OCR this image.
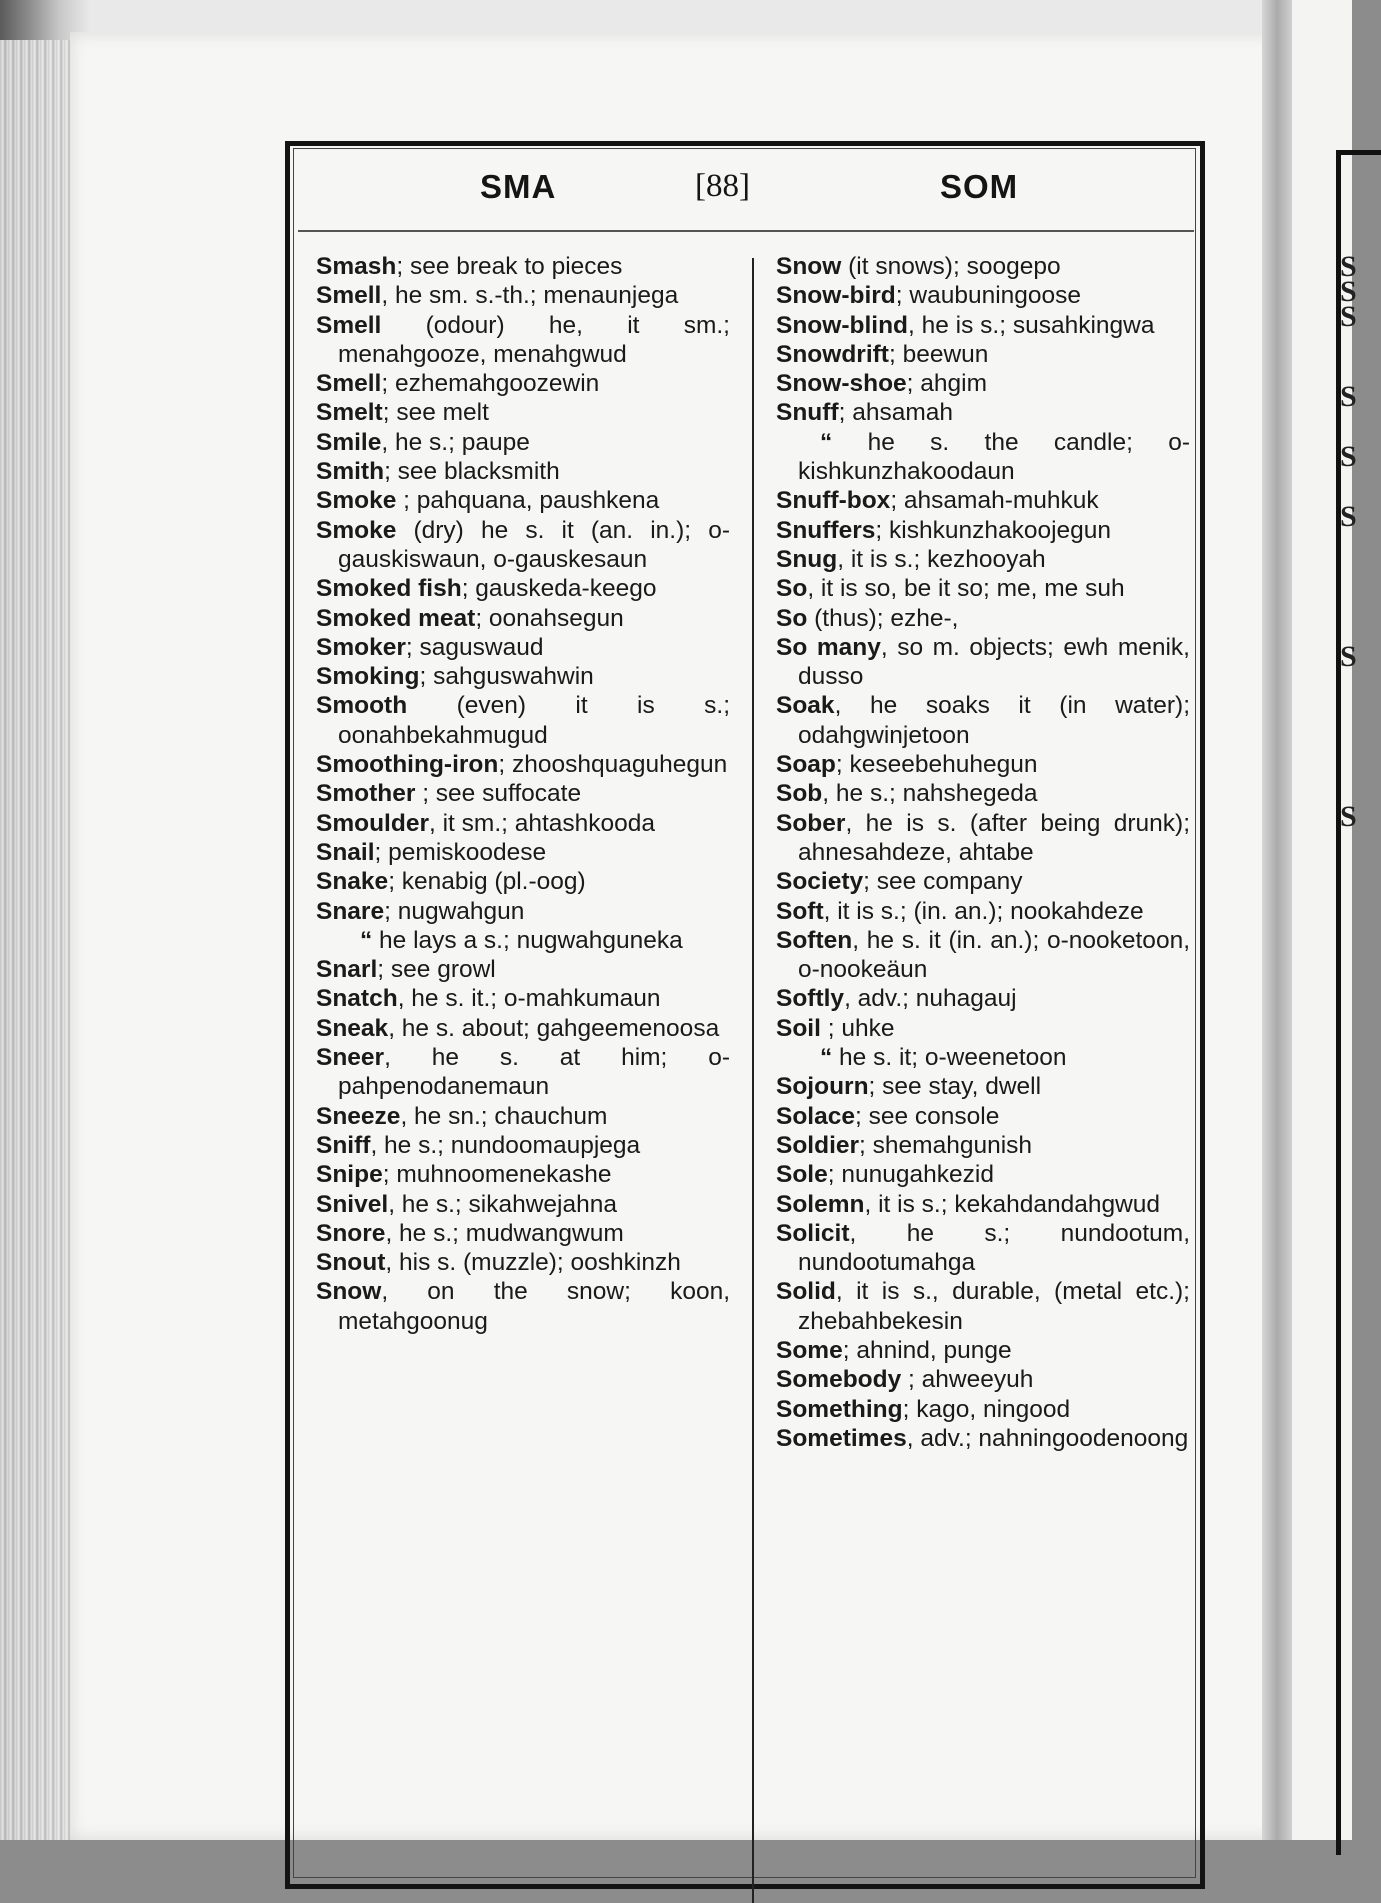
S
S
S
S
S
S
S
S
SMA	[88]	SOM

Smash; see break to pieces

Smell, he sm. s.-th.; menaunjega

Smell (odour) he, it sm.; menahgooze, menahgwud

Smell; ezhemahgoozewin

Smelt; see melt

Smile, he s.; paupe

Smith; see blacksmith

Smoke ; pahquana, paushkena

Smoke (dry) he s. it (an. in.); o-gauskiswaun, o-gauskesaun

Smoked fish; gauskeda-keego

Smoked meat; oonahsegun

Smoker; saguswaud

Smoking; sahguswahwin

Smooth (even) it is s.; oonahbekahmugud

Smoothing-iron; zhooshquaguhegun

Smother ; see suffocate

Smoulder, it sm.; ahtashkooda

Snail; pemiskoodese

Snake; kenabig (pl.-oog)

Snare; nugwahgun

“ he lays a s.; nugwahguneka

Snarl; see growl

Snatch, he s. it.; o-mahkumaun

Sneak, he s. about; gahgeemenoosa

Sneer, he s. at him; o-pahpenodanemaun

Sneeze, he sn.; chauchum

Sniff, he s.; nundoomaupjega

Snipe; muhnoomenekashe

Snivel, he s.; sikahwejahna

Snore, he s.; mudwangwum

Snout, his s. (muzzle); ooshkinzh

Snow, on the snow; koon, metahgoonug

Snow (it snows); soogepo

Snow-bird; waubuningoose

Snow-blind, he is s.; susahkingwa

Snowdrift; beewun

Snow-shoe; ahgim

Snuff; ahsamah

“ he s. the candle; o-kishkunzhakoodaun

Snuff-box; ahsamah-muhkuk

Snuffers; kishkunzhakoojegun

Snug, it is s.; kezhooyah

So, it is so, be it so; me, me suh

So (thus); ezhe-,

So many, so m. objects; ewh menik, dusso

Soak, he soaks it (in water); odahgwinjetoon

Soap; keseebehuhegun

Sob, he s.; nahshegeda

Sober, he is s. (after being drunk); ahnesahdeze, ahtabe

Society; see company

Soft, it is s.; (in. an.); nookahdeze

Soften, he s. it (in. an.); o-nooketoon, o-nookeäun

Softly, adv.; nuhagauj

Soil ; uhke

“ he s. it; o-weenetoon

Sojourn; see stay, dwell

Solace; see console

Soldier; shemahgunish

Sole; nunugahkezid

Solemn, it is s.; kekahdandahgwud

Solicit, he s.; nundootum, nundootumahga

Solid, it is s., durable, (metal etc.); zhebahbekesin

Some; ahnind, punge

Somebody ; ahweeyuh

Something; kago, ningood

Sometimes, adv.; nahningoodenoong
